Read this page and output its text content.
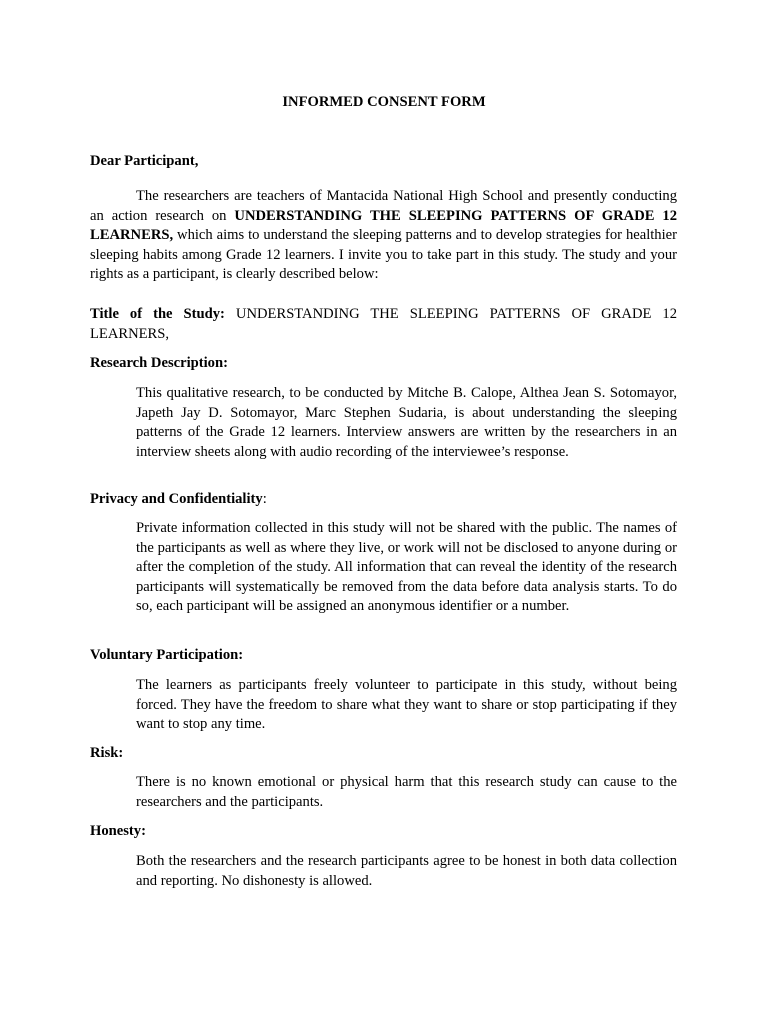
INFORMED CONSENT FORM

Dear Participant,

The researchers are teachers of Mantacida National High School and presently conducting an action research on UNDERSTANDING THE SLEEPING PATTERNS OF GRADE 12 LEARNERS, which aims to understand the sleeping patterns and to develop strategies for healthier sleeping habits among Grade 12 learners. I invite you to take part in this study. The study and your rights as a participant, is clearly described below:

Title of the Study: UNDERSTANDING THE SLEEPING PATTERNS OF GRADE 12 LEARNERS,

Research Description:

This qualitative research, to be conducted by Mitche B. Calope, Althea Jean S. Sotomayor, Japeth Jay D. Sotomayor, Marc Stephen Sudaria, is about understanding the sleeping patterns of the Grade 12 learners. Interview answers are written by the researchers in an interview sheets along with audio recording of the interviewee’s response.

Privacy and Confidentiality:

Private information collected in this study will not be shared with the public. The names of the participants as well as where they live, or work will not be disclosed to anyone during or after the completion of the study. All information that can reveal the identity of the research participants will systematically be removed from the data before data analysis starts. To do so, each participant will be assigned an anonymous identifier or a number.

Voluntary Participation:

The learners as participants freely volunteer to participate in this study, without being forced. They have the freedom to share what they want to share or stop participating if they want to stop any time.

Risk:

There is no known emotional or physical harm that this research study can cause to the researchers and the participants.

Honesty:

Both the researchers and the research participants agree to be honest in both data collection and reporting. No dishonesty is allowed.
